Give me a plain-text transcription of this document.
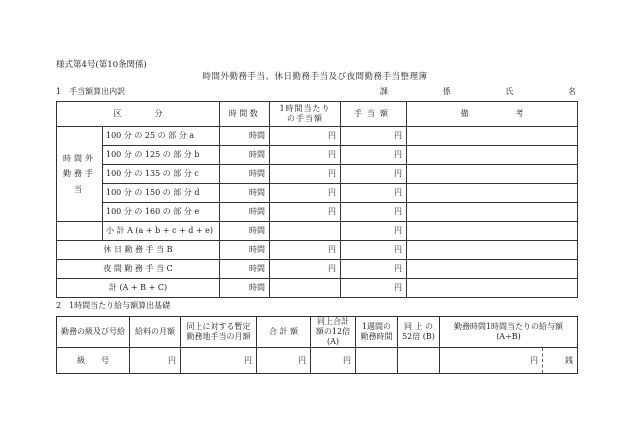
様式第4号(第10条関係)
時間外勤務手当、休日勤務手当及び夜間勤務手当整理簿
1　手当額算出内訳	課	係	氏	名
区 分		時間数	1時間当たりの手当額	手当額	備 考

時間外勤務手当	100 分 の 25 の 部 分 a	時間	円	円	
	100 分 の 125 の 部 分 b	時間	円	円	
	100 分 の 135 の 部 分 c	時間	円	円	
	100 分 の 150 の 部 分 d	時間	円	円	
	100 分 の 160 の 部 分 e	時間	円	円	
	小 計 A (a + b + c + d + e)	時間		円	
休 日 勤 務 手 当 B		時間	円	円	
夜 間 勤 務 手 当 C		時間	円	円	
計 (A + B + C)		時間		円	
2　1時間当たり給与額算出基礎
勤務の級及び号給	給料の月額	同上に対する暫定勤務地手当の月額	合 計 額	同上合計額の12倍 (A)	1週間の勤務時間	同 上 の 52倍 (B)	勤務時間1時間当たりの給与額 (A÷B)
級　　号	円	円	円	円			円 銭
